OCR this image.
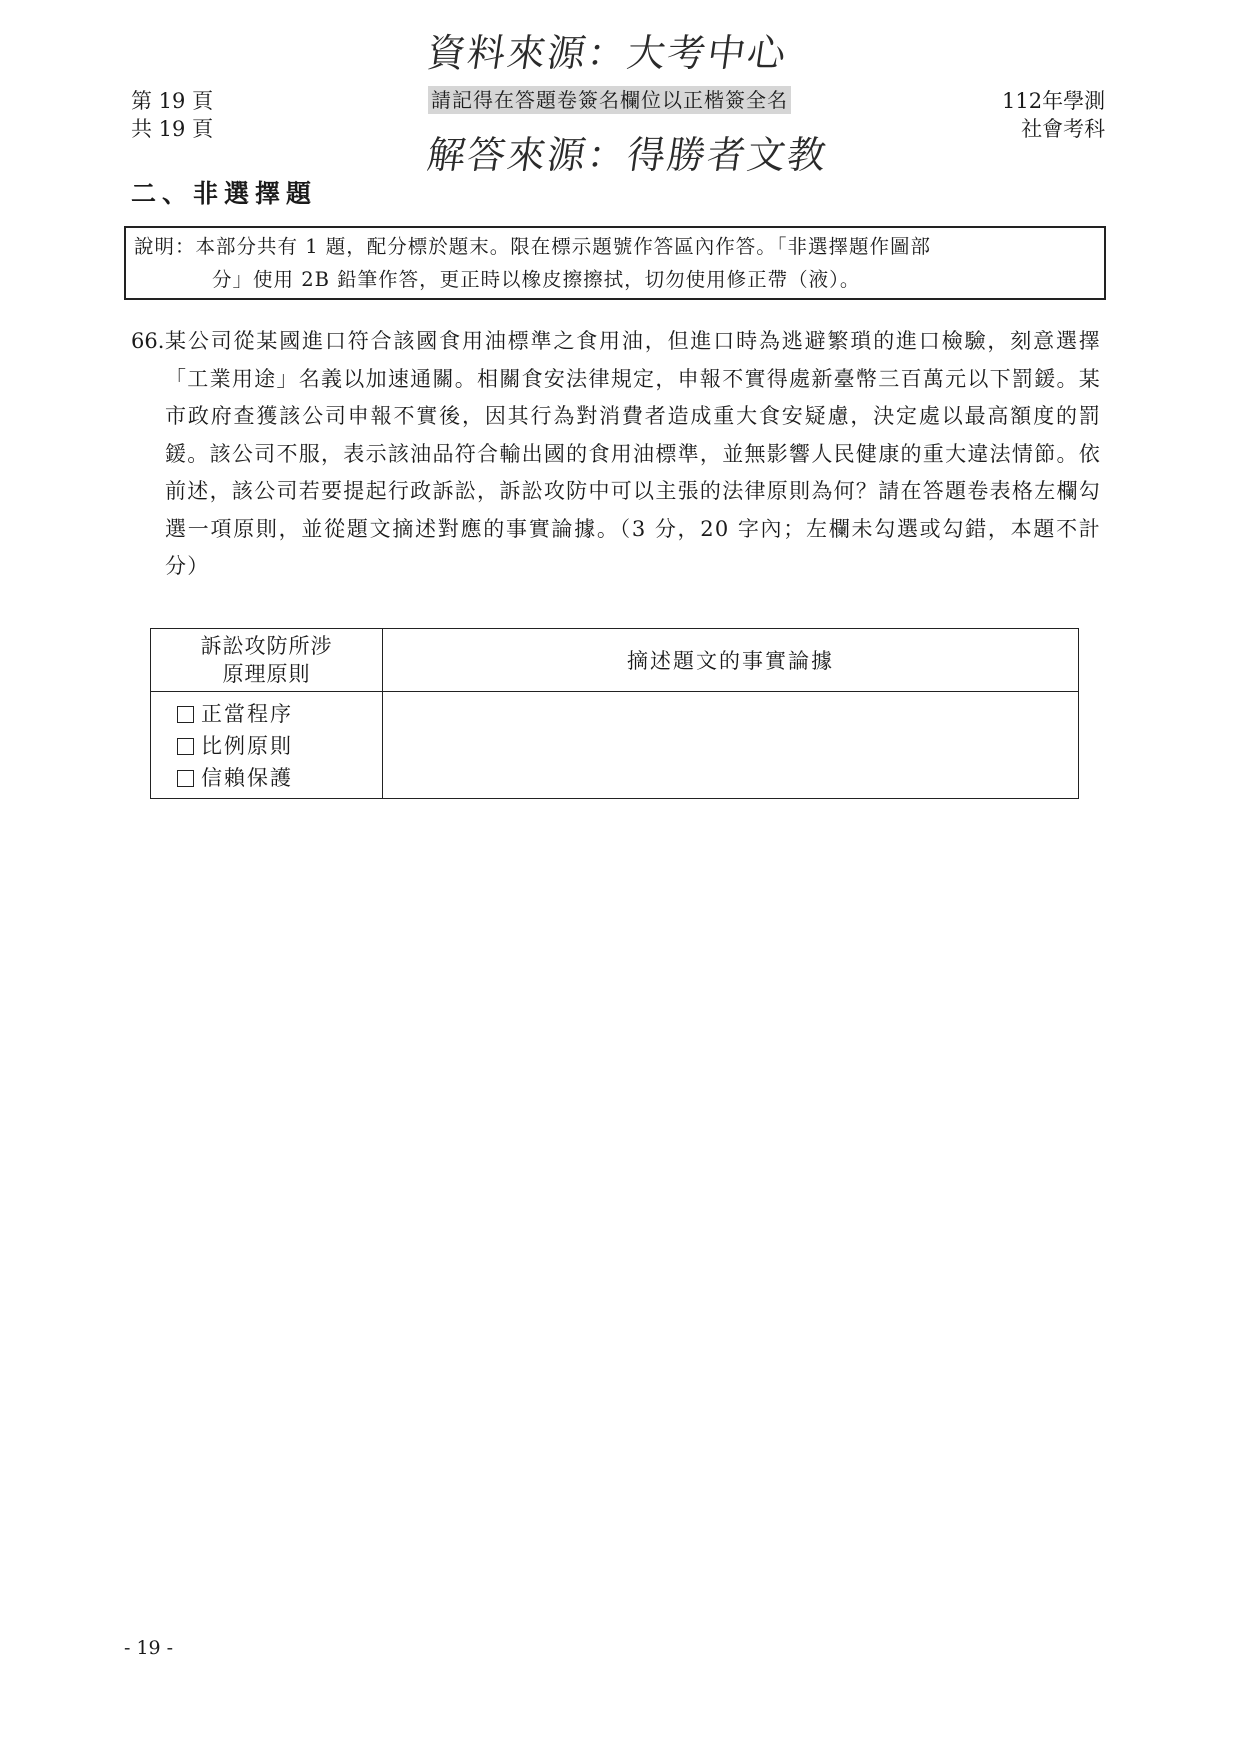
第 19 頁
共 19 頁
資料來源：大考中心
請記得在答題卷簽名欄位以正楷簽全名
解答來源：得勝者文教
112年學測
社會考科
二、非選擇題
說明：本部分共有 1 題，配分標於題末。限在標示題號作答區內作答。「非選擇題作圖部
分」使用 2B 鉛筆作答，更正時以橡皮擦擦拭，切勿使用修正帶（液）。
66. 某公司從某國進口符合該國食用油標準之食用油，但進口時為逃避繁瑣的進口檢驗，刻意選擇「工業用途」名義以加速通關。相關食安法律規定，申報不實得處新臺幣三百萬元以下罰鍰。某市政府查獲該公司申報不實後，因其行為對消費者造成重大食安疑慮，決定處以最高額度的罰鍰。該公司不服，表示該油品符合輸出國的食用油標準，並無影響人民健康的重大違法情節。依前述，該公司若要提起行政訴訟，訴訟攻防中可以主張的法律原則為何？請在答題卷表格左欄勾選一項原則，並從題文摘述對應的事實論據。（3 分，20 字內；左欄未勾選或勾錯，本題不計分）
訴訟攻防所涉
原理原則	摘述題文的事實論據

正當程序
比例原則
信賴保護	

- 19 -
